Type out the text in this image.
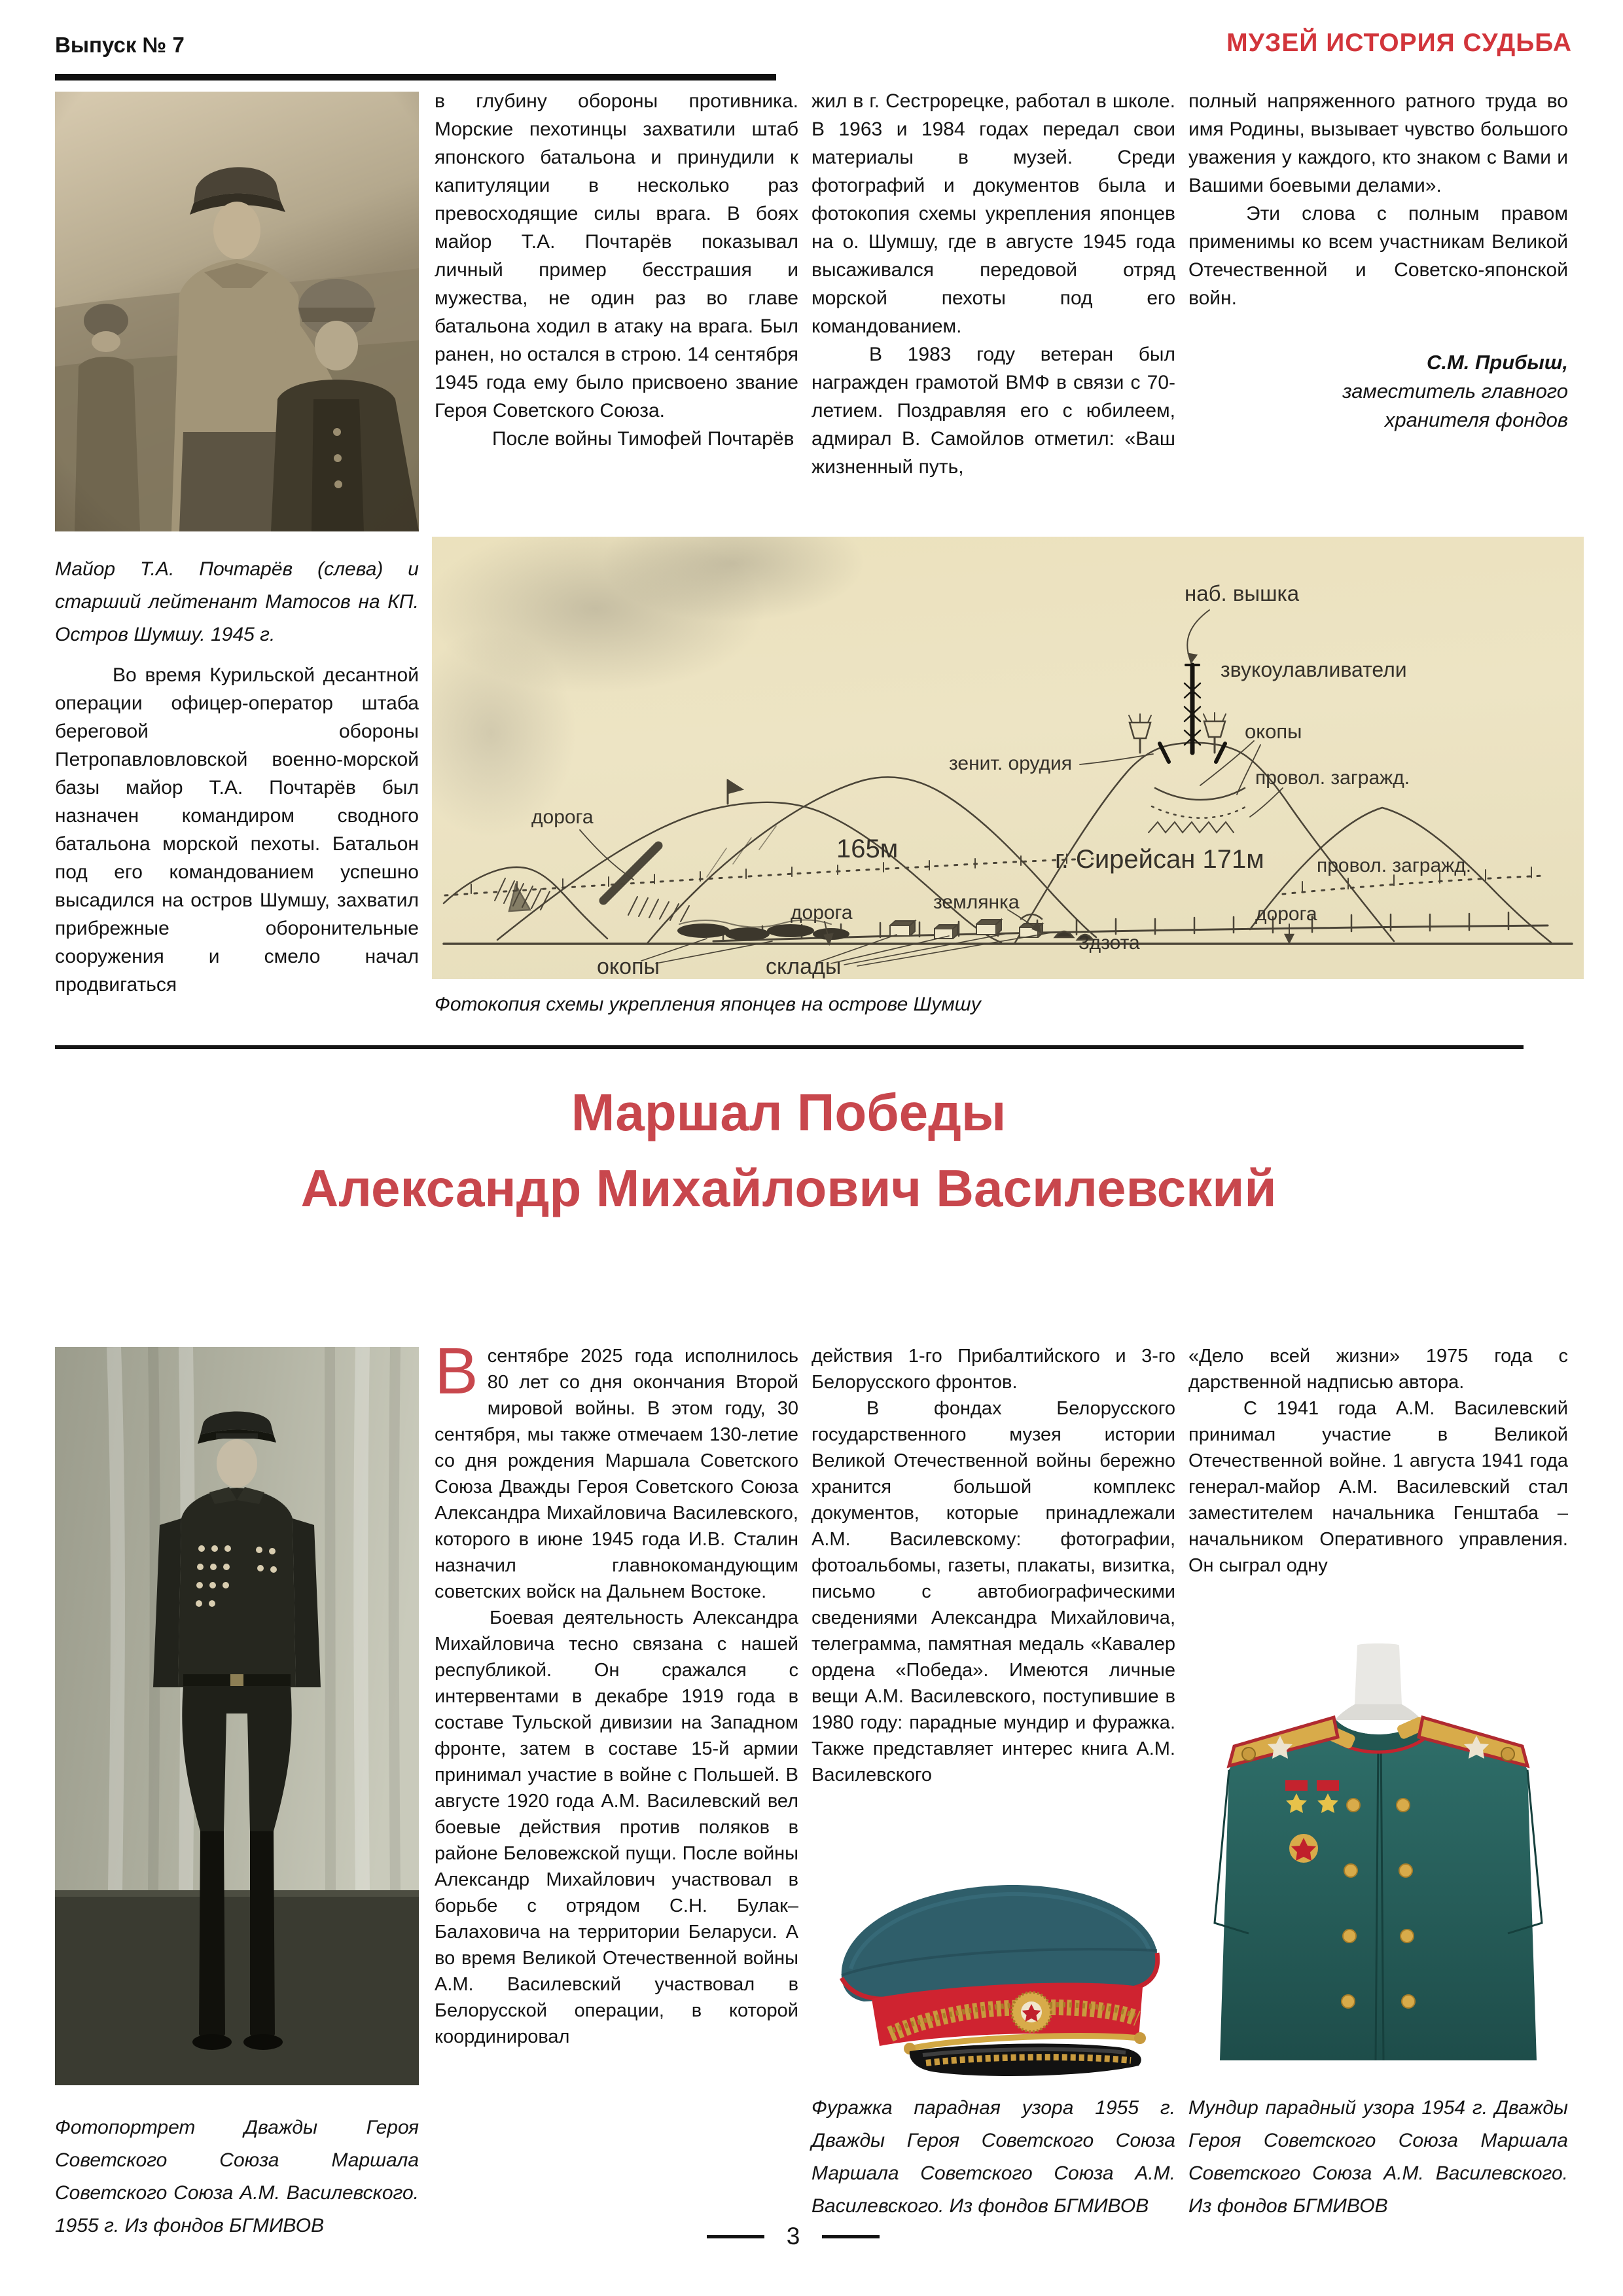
Выпуск № 7	МУЗЕЙ ИСТОРИЯ СУДЬБА
Майор Т.А. Почтарёв (слева) и старший лейтенант Матосов на КП. Остров Шумшу. 1945 г.

Во время Курильской десантной операции офицер-оператор штаба береговой обороны Петропавловловской военно-морской базы майор Т.А. Почтарёв был назначен командиром сводного батальона морской пехоты. Батальон под его командованием успешно высадился на остров Шумшу, захватил прибрежные оборонительные сооружения и смело начал продвигаться

в глубину обороны противника. Морские пехотинцы захватили штаб японского батальона и принудили к капитуляции в несколько раз превосходящие силы врага. В боях майор Т.А. Почтарёв показывал личный пример бесстрашия и мужества, не один раз во главе батальона ходил в атаку на врага. Был ранен, но остался в строю. 14 сентября 1945 года ему было присвоено звание Героя Советского Союза.

После войны Тимофей Почтарёв

жил в г. Сестрорецке, работал в школе. В 1963 и 1984 годах передал свои материалы в музей. Среди фотографий и документов была и фотокопия схемы укрепления японцев на о. Шумшу, где в августе 1945 года высаживался передовой отряд морской пехоты под его командованием.

В 1983 году ветеран был награжден грамотой ВМФ в связи с 70-летием. Поздравляя его с юбилеем, адмирал В. Самойлов отметил: «Ваш жизненный путь,

полный напряженного ратного труда во имя Родины, вызывает чувство большого уважения у каждого, кто знаком с Вами и Вашими боевыми делами».

Эти слова с полным правом применимы ко всем участникам Великой Отечественной и Советско-японской войн.

С.М. Прибыш,
заместитель главного
хранителя фондов
наб. вышка
звукоулавливатели
зенит. орудия
окопы
провол. загражд.
г. Сирейсан 171м
165м
провол. загражд.
дорога
дорога	дорога
землянка
3дзота
окопы	склады
Фотокопия схемы укрепления японцев на острове Шумшу
Маршал Победы
Александр Михайлович Василевский
Фотопортрет Дважды Героя Советского Союза Маршала Советского Союза А.М. Василевского. 1955 г. Из фондов БГМИВОВ

Всентябре 2025 года исполнилось 80 лет со дня окончания Второй мировой войны. В этом году, 30 сентября, мы также отмечаем 130-летие со дня рождения Маршала Советского Союза Дважды Героя Советского Союза Александра Михайловича Василевского, которого в июне 1945 года И.В. Сталин назначил главнокомандующим советских войск на Дальнем Востоке.

Боевая деятельность Александра Михайловича тесно связана с нашей республикой. Он сражался с интервентами в декабре 1919 года в составе Тульской дивизии на Западном фронте, затем в составе 15-й армии принимал участие в войне с Польшей. В августе 1920 года А.М. Василевский вел боевые действия против поляков в районе Беловежской пущи. После войны Александр Михайлович участвовал в борьбе с отрядом С.Н. Булак–Балаховича на территории Беларуси. А во время Великой Отечественной войны А.М. Василевский участвовал в Белорусской операции, в которой координировал

действия 1-го Прибалтийского и 3-го Белорусского фронтов.

В фондах Белорусского государственного музея истории Великой Отечественной войны бережно хранится большой комплекс документов, которые принадлежали А.М. Василевскому: фотографии, фотоальбомы, газеты, плакаты, визитка, письмо с автобиографическими сведениями Александра Михайловича, телеграмма, памятная медаль «Кавалер ордена «Победа». Имеются личные вещи А.М. Василевского, поступившие в 1980 году: парадные мундир и фуражка. Также представляет интерес книга А.М. Василевского

«Дело всей жизни» 1975 года с дарственной надписью автора.

С 1941 года А.М. Василевский принимал участие в Великой Отечественной войне. 1 августа 1941 года генерал-майор А.М. Василевский стал заместителем начальника Генштаба – начальником Оперативного управления. Он сыграл одну

Фуражка парадная узора 1955 г. Дважды Героя Советского Союза Маршала Советского Союза А.М. Василевского. Из фондов БГМИВОВ
Мундир парадный узора 1954 г. Дважды Героя Советского Союза Маршала Советского Союза А.М. Василевского. Из фондов БГМИВОВ
3
